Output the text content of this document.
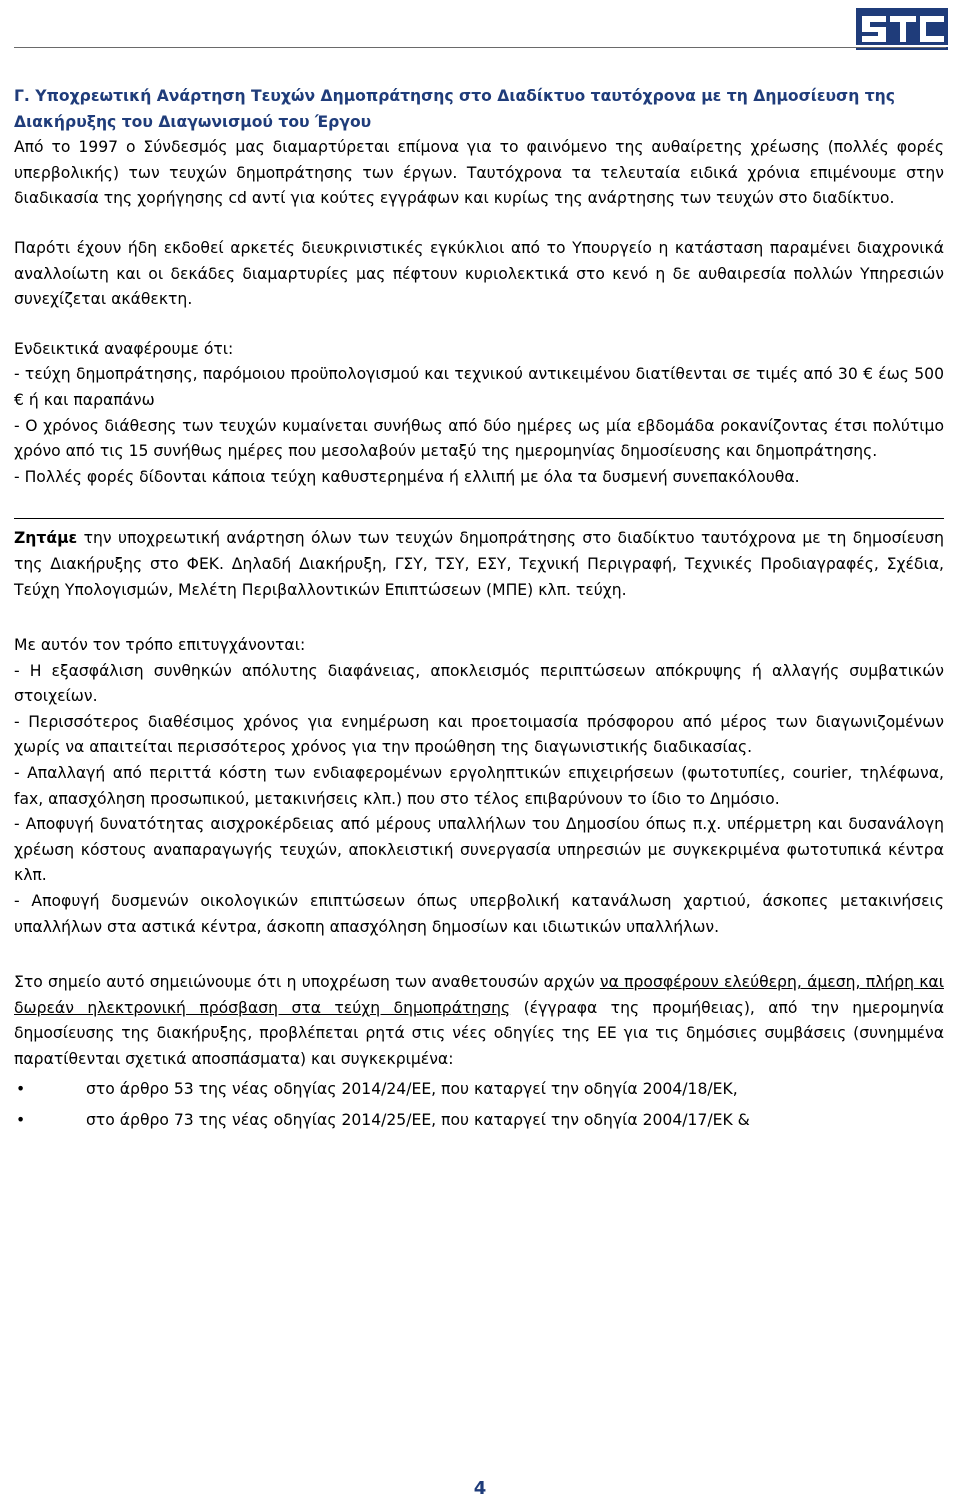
Γ. Υποχρεωτική Ανάρτηση Τευχών Δημοπράτησης στο Διαδίκτυο ταυτόχρονα με τη Δημοσίευση της Διακήρυξης του Διαγωνισμού του Έργου

Από το 1997 ο Σύνδεσμός μας διαμαρτύρεται επίμονα για το φαινόμενο της αυθαίρετης χρέωσης (πολλές φορές υπερβολικής) των τευχών δημοπράτησης των έργων. Ταυτόχρονα τα τελευταία ειδικά χρόνια επιμένουμε στην διαδικασία της χορήγησης cd αντί για κούτες εγγράφων και κυρίως της ανάρτησης των τευχών στο διαδίκτυο.

Παρότι έχουν ήδη εκδοθεί αρκετές διευκρινιστικές εγκύκλιοι από το Υπουργείο η κατάσταση παραμένει διαχρονικά αναλλοίωτη και οι δεκάδες διαμαρτυρίες μας πέφτουν κυριολεκτικά στο κενό η δε αυθαιρεσία πολλών Υπηρεσιών συνεχίζεται ακάθεκτη.

Ενδεικτικά αναφέρουμε ότι:

- τεύχη δημοπράτησης, παρόμοιου προϋπολογισμού και τεχνικού αντικειμένου διατίθενται σε τιμές από 30 € έως 500 € ή και παραπάνω

- Ο χρόνος διάθεσης των τευχών κυμαίνεται συνήθως από δύο ημέρες ως μία εβδομάδα ροκανίζοντας έτσι πολύτιμο χρόνο από τις 15 συνήθως ημέρες που μεσολαβούν μεταξύ της ημερομηνίας δημοσίευσης και δημοπράτησης.

- Πολλές φορές δίδονται κάποια τεύχη καθυστερημένα ή ελλιπή με όλα τα δυσμενή συνεπακόλουθα.

Ζητάμε την υποχρεωτική ανάρτηση όλων των τευχών δημοπράτησης στο διαδίκτυο ταυτόχρονα με τη δημοσίευση της Διακήρυξης στο ΦΕΚ. Δηλαδή Διακήρυξη, ΓΣΥ, ΤΣΥ, ΕΣΥ, Τεχνική Περιγραφή, Τεχνικές Προδιαγραφές, Σχέδια, Τεύχη Υπολογισμών, Μελέτη Περιβαλλοντικών Επιπτώσεων (ΜΠΕ) κλπ. τεύχη.

Με αυτόν τον τρόπο επιτυγχάνονται:

- Η εξασφάλιση συνθηκών απόλυτης διαφάνειας, αποκλεισμός περιπτώσεων απόκρυψης ή αλλαγής συμβατικών στοιχείων.

- Περισσότερος διαθέσιμος χρόνος για ενημέρωση και προετοιμασία πρόσφορου από μέρος των διαγωνιζομένων χωρίς να απαιτείται περισσότερος χρόνος για την προώθηση της διαγωνιστικής διαδικασίας.

- Απαλλαγή από περιττά κόστη των ενδιαφερομένων εργοληπτικών επιχειρήσεων (φωτοτυπίες, courier, τηλέφωνα, fax, απασχόληση προσωπικού, μετακινήσεις κλπ.) που στο τέλος επιβαρύνουν το ίδιο το Δημόσιο.

- Αποφυγή δυνατότητας αισχροκέρδειας από μέρους υπαλλήλων του Δημοσίου όπως π.χ. υπέρμετρη και δυσανάλογη χρέωση κόστους αναπαραγωγής τευχών, αποκλειστική συνεργασία υπηρεσιών με συγκεκριμένα φωτοτυπικά κέντρα κλπ.

- Αποφυγή δυσμενών οικολογικών επιπτώσεων όπως υπερβολική κατανάλωση χαρτιού, άσκοπες μετακινήσεις υπαλλήλων στα αστικά κέντρα, άσκοπη απασχόληση δημοσίων και ιδιωτικών υπαλλήλων.

Στο σημείο αυτό σημειώνουμε ότι η υποχρέωση των αναθετουσών αρχών να προσφέρουν ελεύθερη, άμεση, πλήρη και δωρεάν ηλεκτρονική πρόσβαση στα τεύχη δημοπράτησης (έγγραφα της προμήθειας), από την ημερομηνία δημοσίευσης της διακήρυξης, προβλέπεται ρητά στις νέες οδηγίες της ΕΕ για τις δημόσιες συμβάσεις (συνημμένα παρατίθενται σχετικά αποσπάσματα) και συγκεκριμένα:

• στο άρθρο 53 της νέας οδηγίας 2014/24/ΕΕ, που καταργεί την οδηγία 2004/18/ΕΚ,
• στο άρθρο 73 της νέας οδηγίας 2014/25/ΕΕ, που καταργεί την οδηγία 2004/17/ΕΚ &
4
